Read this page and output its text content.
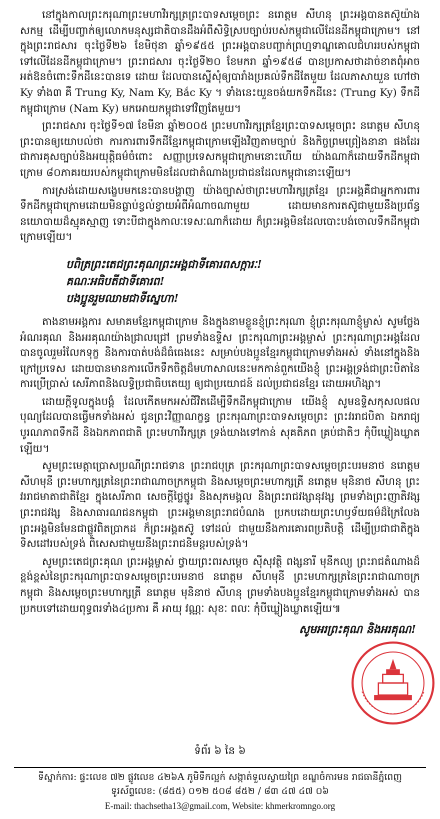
នៅក្នុងកាលព្រះករុណាព្រះមហាវិរក្សត្រព្រះបាទសម្ដេចព្រះ នរោត្តម សីហនុ ព្រះអង្គបានតស៊ូយ៉ាងសកម្ម ដើម្បីបញ្ចាក់ឲ្យលោកមនុស្សជាតិបានដឹងអំពីសិទ្ធិស្របច្បាប់របស់កម្ពុជាលើដែនដីកម្ពុជាក្រោម។ នៅក្នុងព្រះរាជសារ ចុះថ្ងៃទី២៦ ខែមិថុនា ឆ្នាំ១៩៥៥ ព្រះអង្គបានបញ្ជាក់ព្រហ្មទាណ្ឌគោលជំហររបស់កម្ពុជាទៅលើដែនដីកម្ពុជាក្រោម។ ព្រះរាជសារ ចុះថ្ងៃទី២០ ខែមករា ឆ្នាំ១៩៥៨ បានប្រកាសថាដាច់ខាតពុំអាចអត់ឱនចំពោះទឹកដីនេះបានទេ ដោយ ដែលបានស្នើសុំឲ្យបារាំងប្រគល់ទឹកដីតែមួយ ដែលភាសាយួន ហៅថា Ky ទាំង៣ គឺ Trung Ky, Nam Ky, Bắc Ky ។ ទាំងនេះយួនចង់យកទឹកដីនេះ (Trung Ky) ទឹកដីកម្ពុជាក្រោម (Nam Ky) មកអោយកម្ពុជាទៅវិញតែមួយ។

ព្រះរាជសារ ចុះថ្ងៃទី១៧ ខែមីនា ឆ្នាំ២០០៥ ព្រះមហាវិរក្សត្រខ្មែរព្រះបាទសម្ដេចព្រះ នរោត្តម សីហនុ ព្រះបានឲ្យយោបល់ថា ការការពារទឹកដីខ្មែរកម្ពុជាក្រោមឡើងវិញតាមច្បាប់ និងកិច្ចព្រមព្រៀងនានា ផងដែរ ជាការគុសច្បាប់និងអយុត្តិធម៌ចំពោះ សញ្ញាប្រទេសកម្ពុជាក្រោមនោះហើយ យ៉ាងណាក៏ដោយទឹកដីកម្ពុជាក្រោម ៨០ភាគរយរបស់កម្ពុជាក្រោមមិនដែលជាតំណាងប្រជាជនដែលកម្ពុជានោះឡើយ។

ការស្រង់ដោយសង្ខេបមកនេះបានបង្ហាញ យ៉ាងច្បាស់ថាព្រះមហាវិរក្សត្រខ្មែរ ព្រះអង្គគឺជាអ្នកការពារទឹកដីកម្ពុជាក្រោមដោយមិនធ្លាប់ខ្វល់ខ្វាយអំពីអំណាចណាមួយ ដោយមានការតស៊ូជាមួយនឹងប្រព័ន្ធនយោបាយដ៏ស្មុគស្មាញ ទោះបីជាក្នុងកាលៈទេសៈណាក៏ដោយ ក៏ព្រះអង្គមិនដែលបោះបង់ចោលទឹកដីកម្ពុជាក្រោមឡើយ។

បពិត្រព្រះតេជព្រះគុណព្រះអង្គជាទីគោរពសក្ការៈ!
គណៈអធិបតីជាទីគោរព!
បងប្អូនរួមឈាមជាទីស្នេហា!

តាងនាមអង្គការ សមាគមខ្មែរកម្ពុជាក្រោម និងក្នុងនាមខ្លួនខ្ញុំព្រះករុណា ខ្ញុំព្រះករុណាខ្ញុំម្ចាស់ សូមថ្លែងអំណរគុណ និងអរគុណយ៉ាងជ្រាលជ្រៅ ព្រមទាំងឧទ្ទិស ព្រះករុណាព្រះអង្គម្ចាស់ ព្រះករុណាព្រះអង្គដែលបានចូលរួមរំលែកទុក្ខ និងការបាត់បង់ដ៏ធំធេងនេះ សម្រាប់បងប្អូនខ្មែរកម្ពុជាក្រោមទាំងអស់ ទាំងនៅក្នុងនិងក្រៅប្រទេស ដោយបានមានការលើកទឹកចិត្តដ៏មហាសាលនេះមកកាន់ពួកយើងខ្ញុំ ព្រះអង្គទ្រង់ជាព្រះបិតានៃការប្រើប្រាស់ សេរីភាពនិងលទ្ធិប្រជាធិបតេយ្យ ឲ្យជាប្រយោជន៍ ដល់ប្រជាជនខ្មែរ ដោយអហិង្សា។

ដោយក្ដីទូលក្នុងបង្គំ ដែលកើតមកអស់ជីវិតដើម្បីទឹកដីកម្ពុជាក្រោម យើងខ្ញុំ សូមឧទ្ទិសកុសលផលបុណ្យដែលបានធ្វើមកទាំងអស់ ជូនព្រះវិញ្ញាណក្ខន្ធ ព្រះករុណាព្រះបាទសម្ដេចព្រះ ព្រះវររាជបិតា ឯករាជ្យ បូរណភាពទឹកដី និងឯកភាពជាតិ ព្រះមហាវីរក្សត្រ ទ្រង់យាងទៅកាន់ សុគតិភព គ្រប់ជាតិៗ កុំបីឃ្លៀងឃ្លាតឡើយ។

សូមព្រះមេត្តាប្រោសប្រណីព្រះរាជទាន ព្រះរាជបុត្រ ព្រះករុណាព្រះបាទសម្ដេចព្រះបរមនាថ នរោត្តម សីហមុនី ព្រះមហាក្សត្រនៃព្រះរាជាណាចក្រកម្ពុជា និងសម្ដេចព្រះមហាក្សត្រី នរោត្តម មុនិនាថ សីហនុ ព្រះវររាជមាតាជាតិខ្មែរ ក្នុងសេរីភាព សេចក្ដីថ្លៃថ្នូរ និងសុភមង្គល និងព្រះរាជវង្សានុវង្ស ព្រមទាំងព្រះញាតិវង្ស ព្រះរាជវង្ស និងសាធារណជនកម្ពុជា ព្រះអង្គមានព្រះរាជបំណង ប្រកបដោយព្រះហឫទ័យធម៌ដ៏ក្រៃលែង ព្រះអង្គមិនមែនជាផ្លូវពិតប្រាកដ ក៏ព្រះអង្គតស៊ូ ទៅដល់ ជាមួយនឹងការគោរពប្រតិបត្តិ ដើម្បីប្រជាជាតិក្នុងទិសដៅរបស់ទ្រង់ ពិសេសជាមួយនឹងព្រះរាជនិមន្តរបស់ទ្រង់។

សូមព្រះតេជព្រះគុណ ព្រះអង្គម្ចាស់ ថ្វាយព្រះពរសម្ដេច ស៊ីសុវត្ថិ ពង្សនារី មុនីកល្យ ព្រះរាជតំណាងដ៏ខ្ពង់ខ្ពស់នៃព្រះករុណាព្រះបាទសម្ដេចព្រះបរមនាថ នរោត្តម សីហមុនី ព្រះមហាក្សត្រនៃព្រះរាជាណាចក្រកម្ពុជា និងសម្ដេចព្រះមហាក្សត្រី នរោត្តម មុនិនាថ សីហនុ ព្រមទាំងបងប្អូនខ្មែរកម្ពុជាក្រោមទាំងអស់ បានប្រកបទៅដោយពុទ្ធពរទាំង៤ប្រការ គឺ អាយុ វណ្ណៈ សុខៈ ពលៈ កុំបីឃ្លៀងឃ្លាតឡើយ៕

សូមអរព្រះគុណ និងអរគុណ!
ទំព័រ ៦ នៃ ៦
ទីស្នាក់ការ: ផ្ទះលេខ ៧២ ផ្លូវលេខ ៤២៦A ភូមិទឹកល្អក់ សង្កាត់ទួលស្វាយព្រៃ ខណ្ឌចំការមន រាជធានីភ្នំពេញ
ទូរស័ព្ទលេខ: (៨៥៥) ០១២ ៥០៨ ៨៥២ / ៨៣ ៤៧ ៤៧ ០៦
E-mail: thachsetha13@gmail.com, Website: khmerkromngo.org
